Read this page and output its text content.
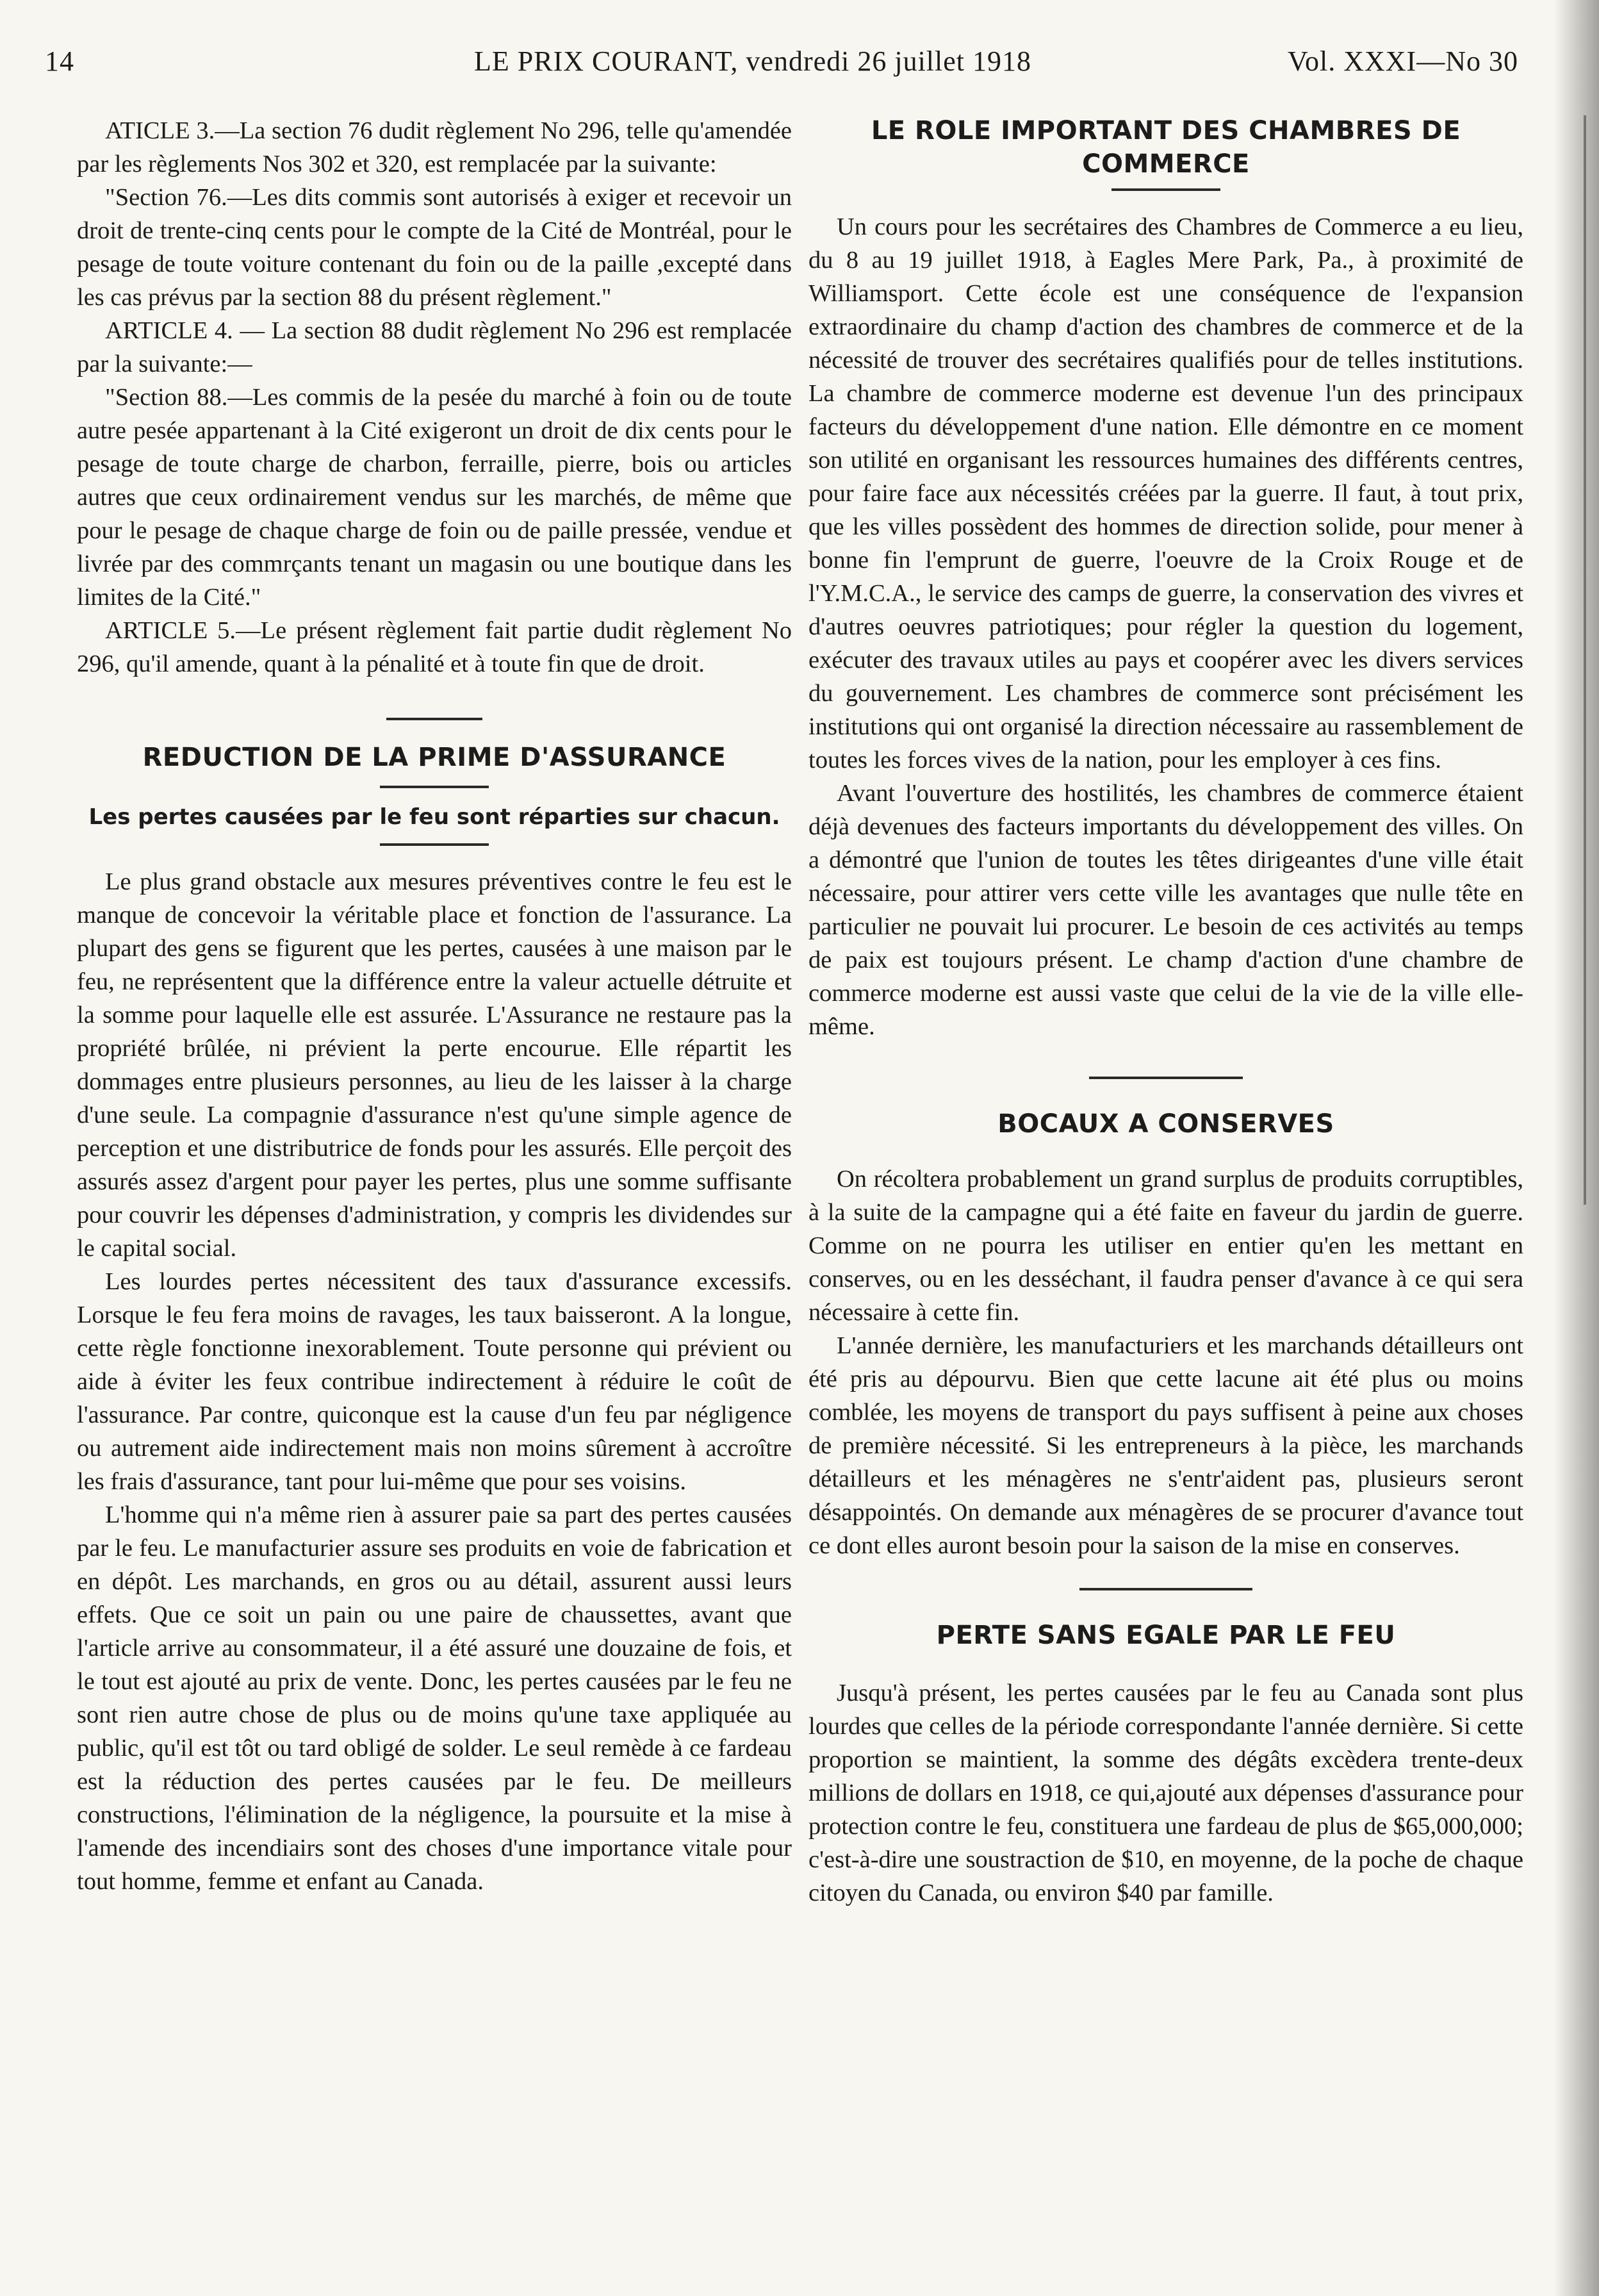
14	LE PRIX COURANT, vendredi 26 juillet 1918	Vol. XXXI—No 30

ATICLE 3.—La section 76 dudit règlement No 296, telle qu'amendée par les règlements Nos 302 et 320, est remplacée par la suivante:

"Section 76.—Les dits commis sont autorisés à exiger et recevoir un droit de trente-cinq cents pour le compte de la Cité de Montréal, pour le pesage de toute voiture contenant du foin ou de la paille ,excepté dans les cas prévus par la section 88 du présent règlement."

ARTICLE 4. — La section 88 dudit règlement No 296 est remplacée par la suivante:—

"Section 88.—Les commis de la pesée du marché à foin ou de toute autre pesée appartenant à la Cité exigeront un droit de dix cents pour le pesage de toute charge de charbon, ferraille, pierre, bois ou articles autres que ceux ordinairement vendus sur les marchés, de même que pour le pesage de chaque charge de foin ou de paille pressée, vendue et livrée par des commrçants tenant un magasin ou une boutique dans les limites de la Cité."

ARTICLE 5.—Le présent règlement fait partie dudit règlement No 296, qu'il amende, quant à la pénalité et à toute fin que de droit.

REDUCTION DE LA PRIME D'ASSURANCE
Les pertes causées par le feu sont réparties sur chacun.

Le plus grand obstacle aux mesures préventives contre le feu est le manque de concevoir la véritable place et fonction de l'assurance. La plupart des gens se figurent que les pertes, causées à une maison par le feu, ne représentent que la différence entre la valeur actuelle détruite et la somme pour laquelle elle est assurée. L'Assurance ne restaure pas la propriété brûlée, ni prévient la perte encourue. Elle répartit les dommages entre plusieurs personnes, au lieu de les laisser à la charge d'une seule. La compagnie d'assurance n'est qu'une simple agence de perception et une distributrice de fonds pour les assurés. Elle perçoit des assurés assez d'argent pour payer les pertes, plus une somme suffisante pour couvrir les dépenses d'administration, y compris les dividendes sur le capital social.

Les lourdes pertes nécessitent des taux d'assurance excessifs. Lorsque le feu fera moins de ravages, les taux baisseront. A la longue, cette règle fonctionne inexorablement. Toute personne qui prévient ou aide à éviter les feux contribue indirectement à réduire le coût de l'assurance. Par contre, quiconque est la cause d'un feu par négligence ou autrement aide indirectement mais non moins sûrement à accroître les frais d'assurance, tant pour lui-même que pour ses voisins.

L'homme qui n'a même rien à assurer paie sa part des pertes causées par le feu. Le manufacturier assure ses produits en voie de fabrication et en dépôt. Les marchands, en gros ou au détail, assurent aussi leurs effets. Que ce soit un pain ou une paire de chaussettes, avant que l'article arrive au consommateur, il a été assuré une douzaine de fois, et le tout est ajouté au prix de vente. Donc, les pertes causées par le feu ne sont rien autre chose de plus ou de moins qu'une taxe appliquée au public, qu'il est tôt ou tard obligé de solder. Le seul remède à ce fardeau est la réduction des pertes causées par le feu. De meilleurs constructions, l'élimination de la négligence, la poursuite et la mise à l'amende des incendiairs sont des choses d'une importance vitale pour tout homme, femme et enfant au Canada.

LE ROLE IMPORTANT DES CHAMBRES DE COMMERCE

Un cours pour les secrétaires des Chambres de Commerce a eu lieu, du 8 au 19 juillet 1918, à Eagles Mere Park, Pa., à proximité de Williamsport. Cette école est une conséquence de l'expansion extraordinaire du champ d'action des chambres de commerce et de la nécessité de trouver des secrétaires qualifiés pour de telles institutions. La chambre de commerce moderne est devenue l'un des principaux facteurs du développement d'une nation. Elle démontre en ce moment son utilité en organisant les ressources humaines des différents centres, pour faire face aux nécessités créées par la guerre. Il faut, à tout prix, que les villes possèdent des hommes de direction solide, pour mener à bonne fin l'emprunt de guerre, l'oeuvre de la Croix Rouge et de l'Y.M.C.A., le service des camps de guerre, la conservation des vivres et d'autres oeuvres patriotiques; pour régler la question du logement, exécuter des travaux utiles au pays et coopérer avec les divers services du gouvernement. Les chambres de commerce sont précisément les institutions qui ont organisé la direction nécessaire au rassemblement de toutes les forces vives de la nation, pour les employer à ces fins.

Avant l'ouverture des hostilités, les chambres de commerce étaient déjà devenues des facteurs importants du développement des villes. On a démontré que l'union de toutes les têtes dirigeantes d'une ville était nécessaire, pour attirer vers cette ville les avantages que nulle tête en particulier ne pouvait lui procurer. Le besoin de ces activités au temps de paix est toujours présent. Le champ d'action d'une chambre de commerce moderne est aussi vaste que celui de la vie de la ville elle-même.

BOCAUX A CONSERVES

On récoltera probablement un grand surplus de produits corruptibles, à la suite de la campagne qui a été faite en faveur du jardin de guerre. Comme on ne pourra les utiliser en entier qu'en les mettant en conserves, ou en les desséchant, il faudra penser d'avance à ce qui sera nécessaire à cette fin.

L'année dernière, les manufacturiers et les marchands détailleurs ont été pris au dépourvu. Bien que cette lacune ait été plus ou moins comblée, les moyens de transport du pays suffisent à peine aux choses de première nécessité. Si les entrepreneurs à la pièce, les marchands détailleurs et les ménagères ne s'entr'aident pas, plusieurs seront désappointés. On demande aux ménagères de se procurer d'avance tout ce dont elles auront besoin pour la saison de la mise en conserves.

PERTE SANS EGALE PAR LE FEU

Jusqu'à présent, les pertes causées par le feu au Canada sont plus lourdes que celles de la période correspondante l'année dernière. Si cette proportion se maintient, la somme des dégâts excèdera trente-deux millions de dollars en 1918, ce qui,ajouté aux dépenses d'assurance pour protection contre le feu, constituera une fardeau de plus de $65,000,000; c'est-à-dire une soustraction de $10, en moyenne, de la poche de chaque citoyen du Canada, ou environ $40 par famille.
